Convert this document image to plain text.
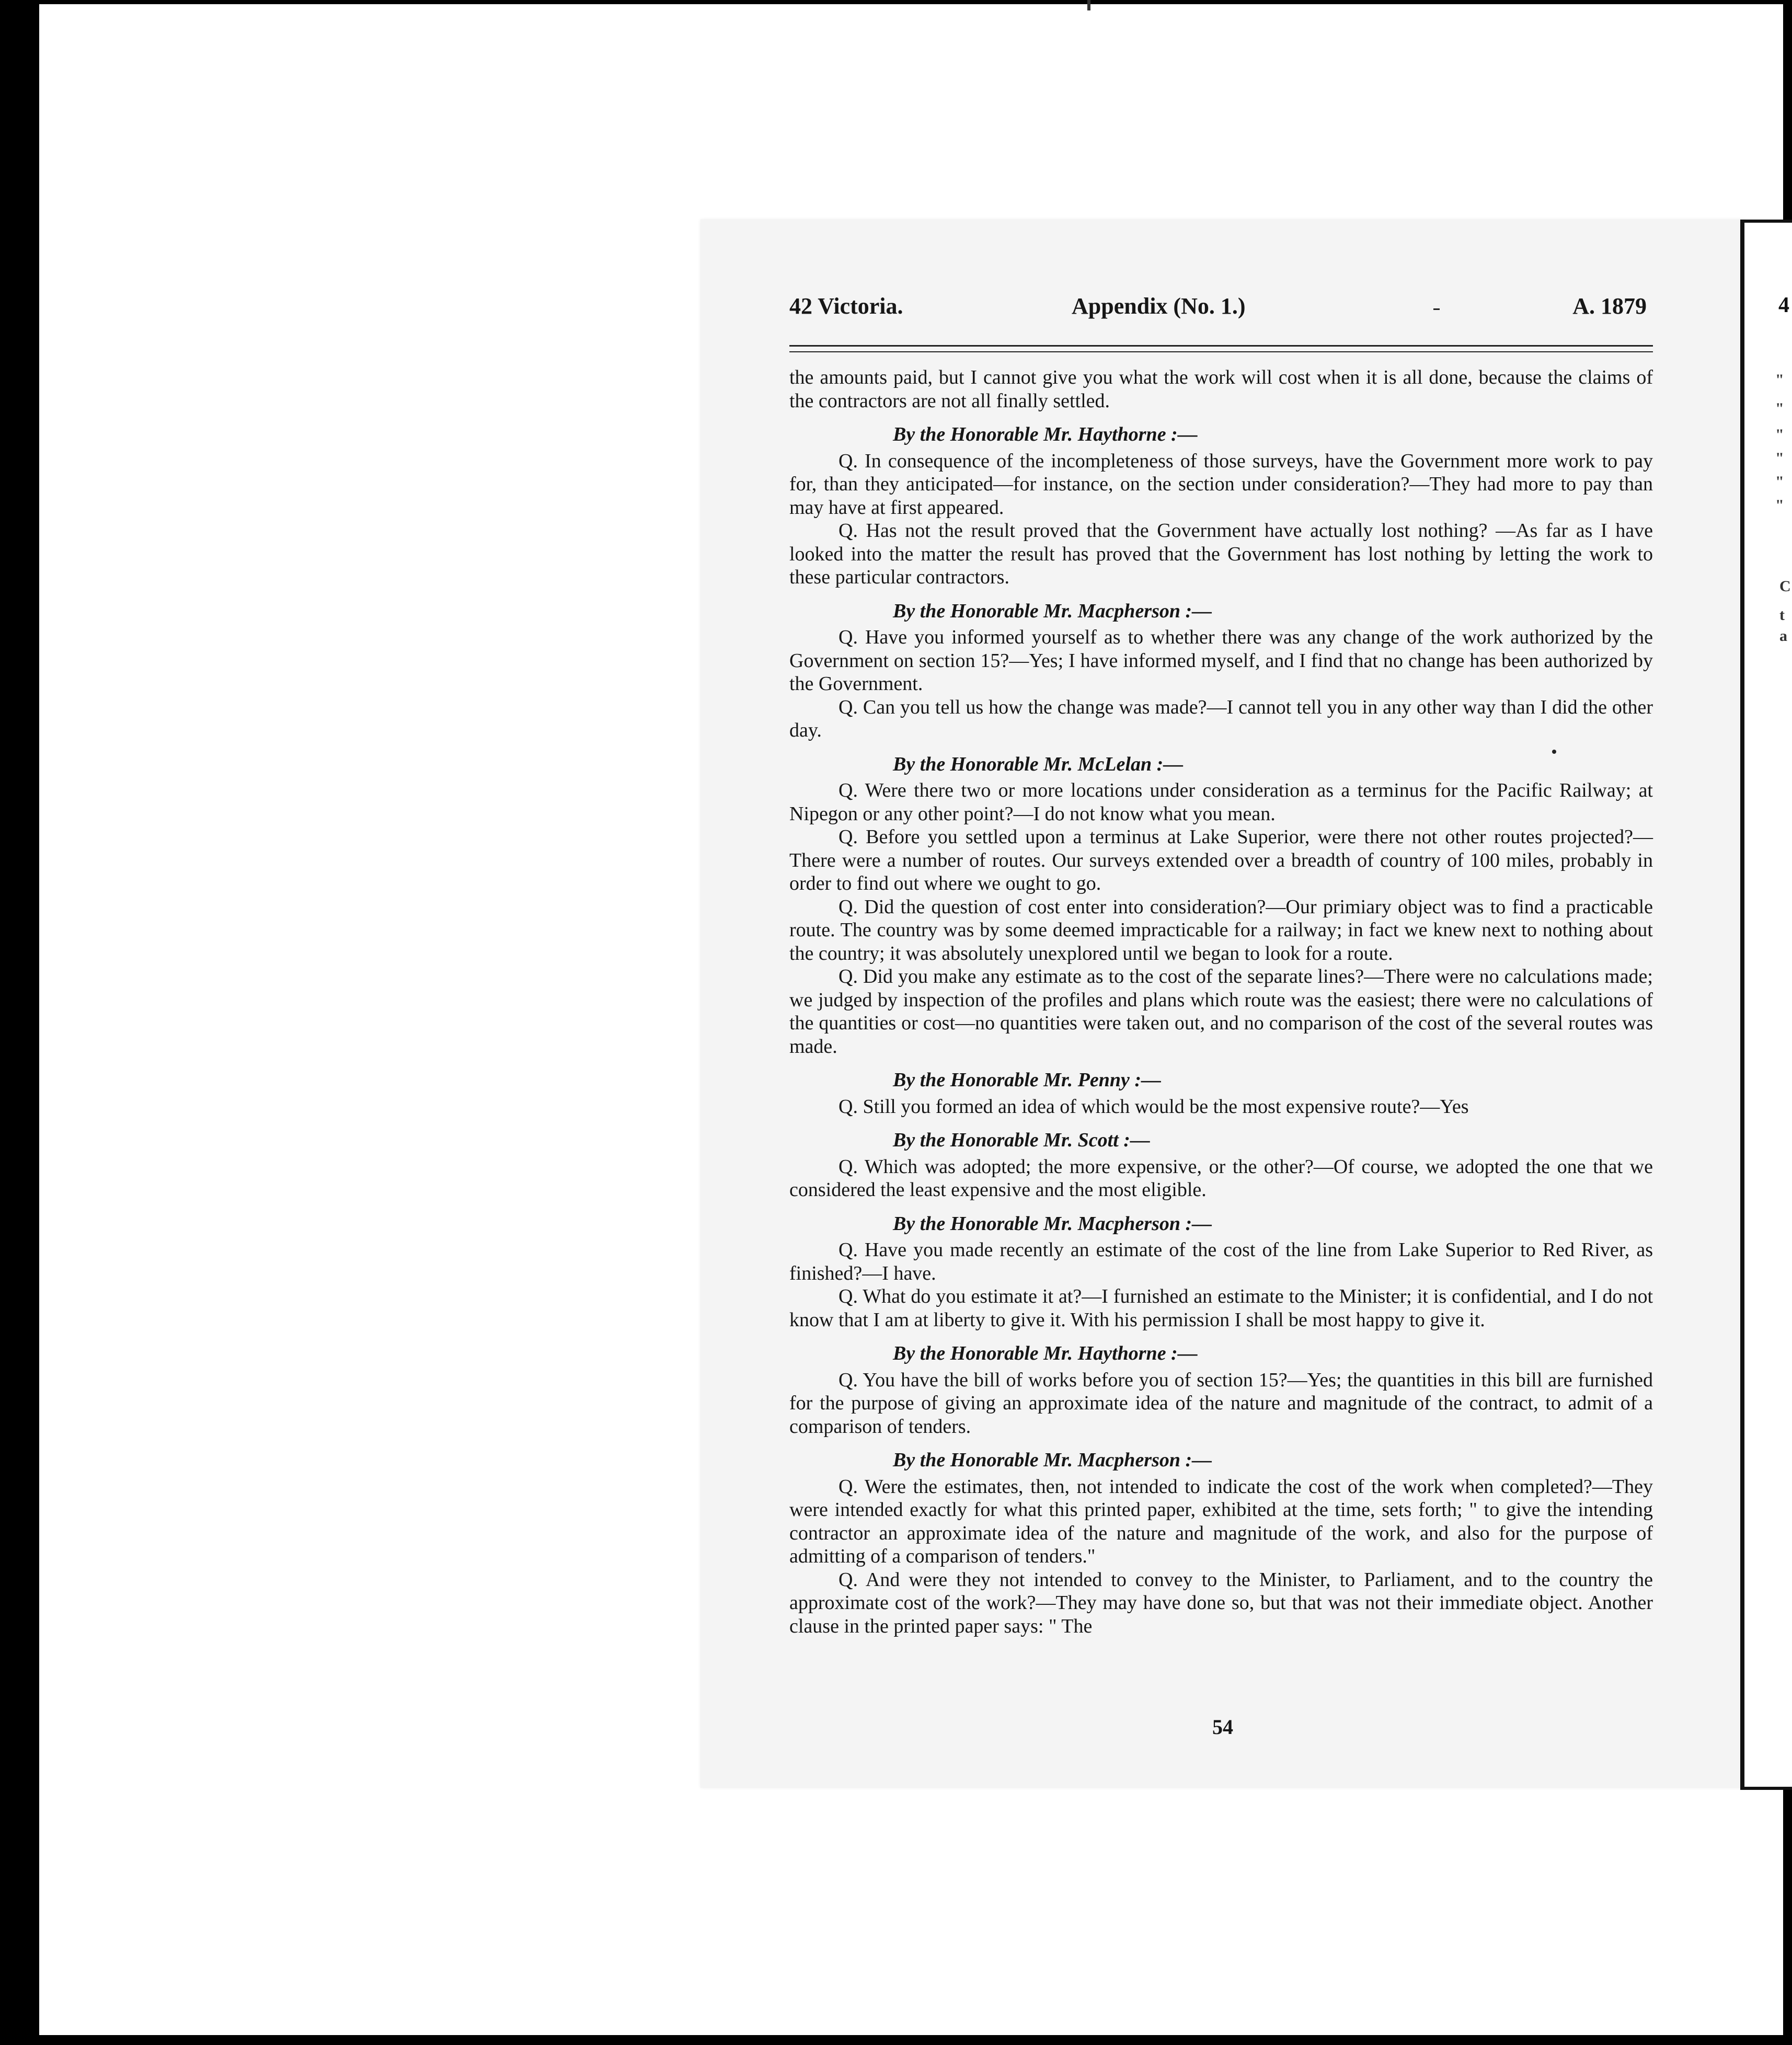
42 Victoria.	Appendix (No. 1.)	A. 1879

the amounts paid, but I cannot give you what the work will cost when it is all done, because the claims of the contractors are not all finally settled.

By the Honorable Mr. Haythorne :—

Q. In consequence of the incompleteness of those surveys, have the Government more work to pay for, than they anticipated—for instance, on the section under consideration?—They had more to pay than may have at first appeared.

Q. Has not the result proved that the Government have actually lost nothing? —As far as I have looked into the matter the result has proved that the Government has lost nothing by letting the work to these particular contractors.

By the Honorable Mr. Macpherson :—

Q. Have you informed yourself as to whether there was any change of the work authorized by the Government on section 15?—Yes; I have informed myself, and I find that no change has been authorized by the Government.

Q. Can you tell us how the change was made?—I cannot tell you in any other way than I did the other day.

By the Honorable Mr. McLelan :—

Q. Were there two or more locations under consideration as a terminus for the Pacific Railway; at Nipegon or any other point?—I do not know what you mean.

Q. Before you settled upon a terminus at Lake Superior, were there not other routes projected?—There were a number of routes. Our surveys extended over a breadth of country of 100 miles, probably in order to find out where we ought to go.

Q. Did the question of cost enter into consideration?—Our primiary object was to find a practicable route. The country was by some deemed impracticable for a railway; in fact we knew next to nothing about the country; it was absolutely unexplored until we began to look for a route.

Q. Did you make any estimate as to the cost of the separate lines?—There were no calculations made; we judged by inspection of the profiles and plans which route was the easiest; there were no calculations of the quantities or cost—no quantities were taken out, and no comparison of the cost of the several routes was made.

By the Honorable Mr. Penny :—

Q. Still you formed an idea of which would be the most expensive route?—Yes

By the Honorable Mr. Scott :—

Q. Which was adopted; the more expensive, or the other?—Of course, we adopted the one that we considered the least expensive and the most eligible.

By the Honorable Mr. Macpherson :—

Q. Have you made recently an estimate of the cost of the line from Lake Superior to Red River, as finished?—I have.

Q. What do you estimate it at?—I furnished an estimate to the Minister; it is confidential, and I do not know that I am at liberty to give it. With his permission I shall be most happy to give it.

By the Honorable Mr. Haythorne :—

Q. You have the bill of works before you of section 15?—Yes; the quantities in this bill are furnished for the purpose of giving an approximate idea of the nature and magnitude of the contract, to admit of a comparison of tenders.

By the Honorable Mr. Macpherson :—

Q. Were the estimates, then, not intended to indicate the cost of the work when completed?—They were intended exactly for what this printed paper, exhibited at the time, sets forth; " to give the intending contractor an approximate idea of the nature and magnitude of the work, and also for the purpose of admitting of a comparison of tenders."

Q. And were they not intended to convey to the Minister, to Parliament, and to the country the approximate cost of the work?—They may have done so, but that was not their immediate object. Another clause in the printed paper says: " The

54
4
"
"
"
"
"
"
C
t
a
